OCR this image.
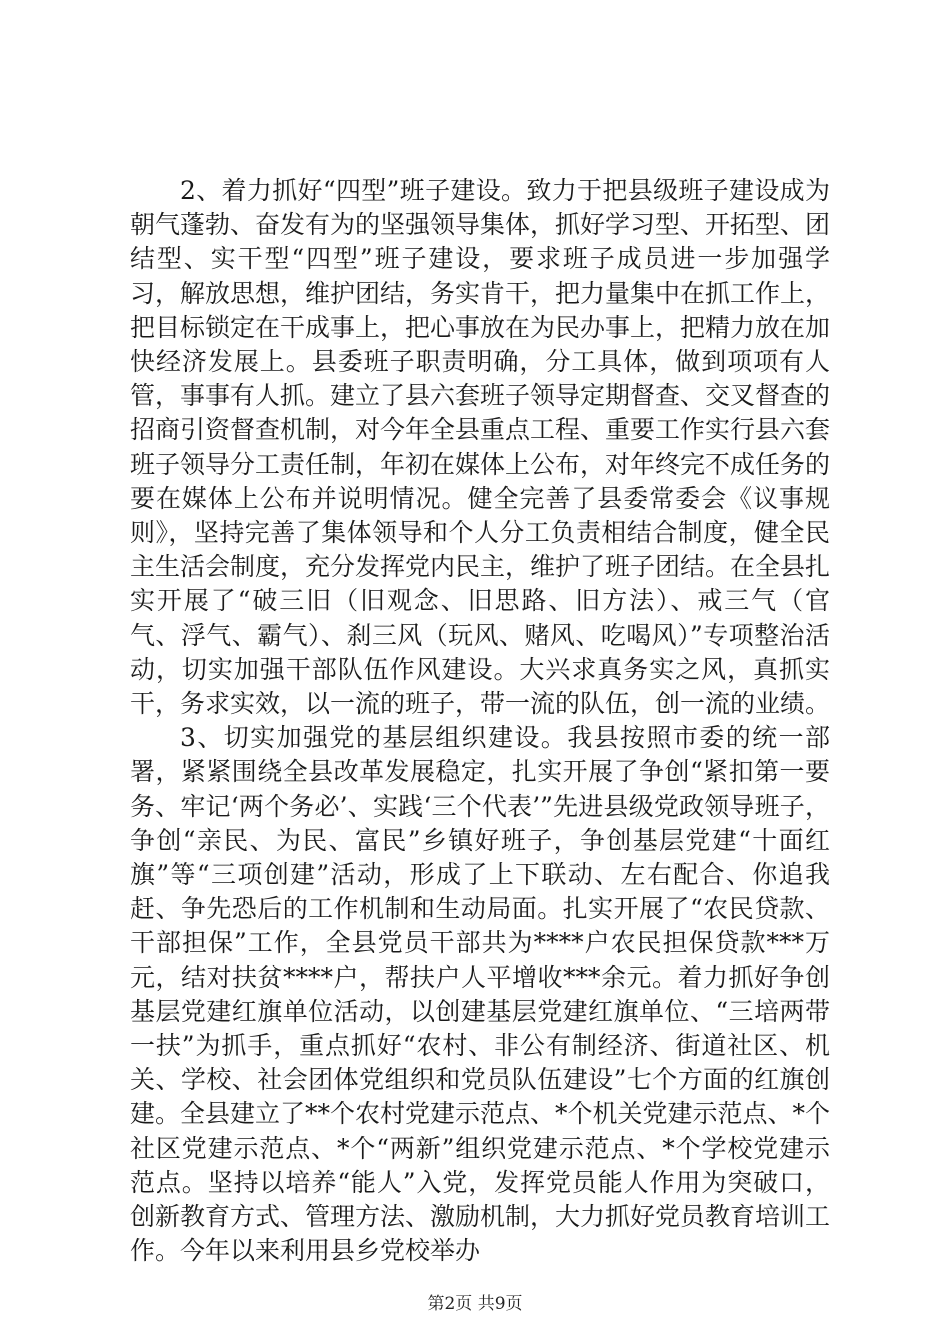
2、着力抓好“四型”班子建设。致力于把县级班子建设成为朝气蓬勃、奋发有为的坚强领导集体，抓好学习型、开拓型、团结型、实干型“四型”班子建设，要求班子成员进一步加强学习，解放思想，维护团结，务实肯干，把力量集中在抓工作上，把目标锁定在干成事上，把心事放在为民办事上，把精力放在加快经济发展上。县委班子职责明确，分工具体，做到项项有人管，事事有人抓。建立了县六套班子领导定期督查、交叉督查的招商引资督查机制，对今年全县重点工程、重要工作实行县六套班子领导分工责任制，年初在媒体上公布，对年终完不成任务的要在媒体上公布并说明情况。健全完善了县委常委会《议事规则》，坚持完善了集体领导和个人分工负责相结合制度，健全民主生活会制度，充分发挥党内民主，维护了班子团结。在全县扎实开展了“破三旧（旧观念、旧思路、旧方法）、戒三气（官气、浮气、霸气）、刹三风（玩风、赌风、吃喝风）”专项整治活动，切实加强干部队伍作风建设。大兴求真务实之风，真抓实干，务求实效，以一流的班子，带一流的队伍，创一流的业绩。

3、切实加强党的基层组织建设。我县按照市委的统一部署，紧紧围绕全县改革发展稳定，扎实开展了争创“紧扣第一要务、牢记‘两个务必’、实践‘三个代表’”先进县级党政领导班子，争创“亲民、为民、富民”乡镇好班子，争创基层党建“十面红旗”等“三项创建”活动，形成了上下联动、左右配合、你追我赶、争先恐后的工作机制和生动局面。扎实开展了“农民贷款、干部担保”工作，全县党员干部共为****户农民担保贷款***万元，结对扶贫****户，帮扶户人平增收***余元。着力抓好争创基层党建红旗单位活动，以创建基层党建红旗单位、“三培两带一扶”为抓手，重点抓好“农村、非公有制经济、街道社区、机关、学校、社会团体党组织和党员队伍建设”七个方面的红旗创建。全县建立了**个农村党建示范点、*个机关党建示范点、*个社区党建示范点、*个“两新”组织党建示范点、*个学校党建示范点。坚持以培养“能人”入党，发挥党员能人作用为突破口，创新教育方式、管理方法、激励机制，大力抓好党员教育培训工作。今年以来利用县乡党校举办

第2页 共9页
